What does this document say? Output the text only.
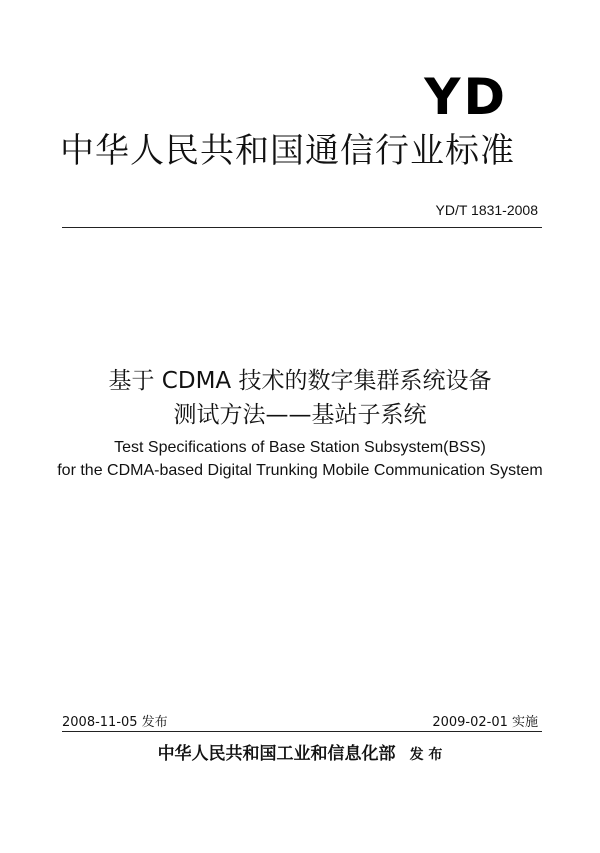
YD
中华人民共和国通信行业标准
YD/T 1831-2008
基于 CDMA 技术的数字集群系统设备
测试方法——基站子系统
Test Specifications of Base Station Subsystem(BSS)
for the CDMA-based Digital Trunking Mobile Communication System
2008-11-05 发布	2009-02-01 实施
中华人民共和国工业和信息化部 发 布
